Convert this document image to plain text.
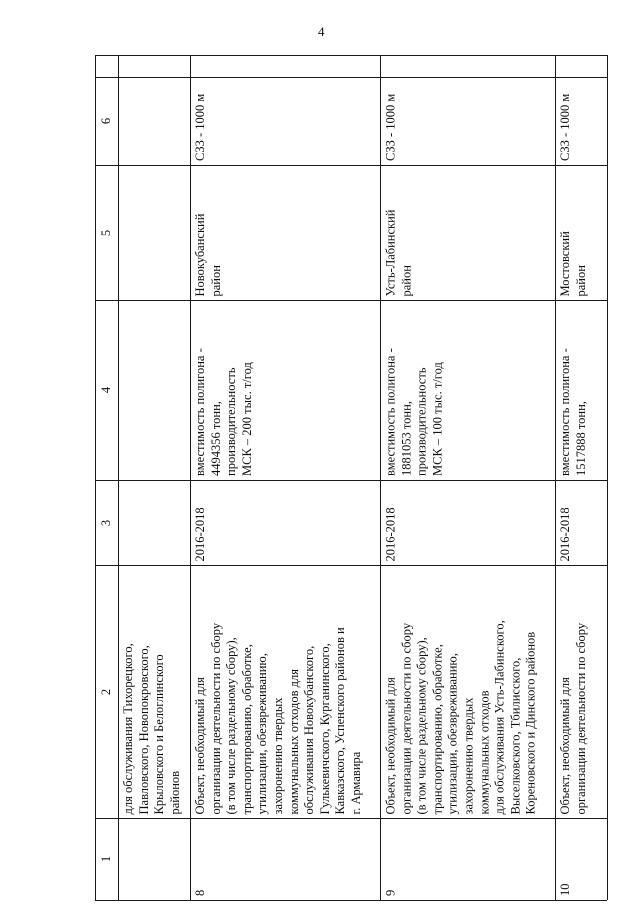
4
1
2
3
4
5
6
для обслуживания Тихорецкого, Павловского, Новопокровского, Крыловского и Белоглинского районов
8
Объект, необходимый для организации деятельности по сбору (в том числе раздельному сбору), транспортированию, обработке, утилизации, обезвреживанию, захоронению твердых коммунальных отходов для обслуживания Новокубанского, Гулькевичского, Курганинского, Кавказского, Успенского районов и г. Армавира
2016-2018
вместимость полигона - 4494356 тонн, производительность МСК – 200 тыс. т/год
Новокубанский район
СЗЗ - 1000 м
9
Объект, необходимый для организации деятельности по сбору (в том числе раздельному сбору), транспортированию, обработке, утилизации, обезвреживанию, захоронению твердых коммунальных отходов для обслуживания Усть-Лабинского, Выселковского, Тбилисского, Кореновского и Динского районов
2016-2018
вместимость полигона - 1881053 тонн, производительность МСК – 100 тыс. т/год
Усть-Лабинский район
СЗЗ - 1000 м
10
Объект, необходимый для организации деятельности по сбору
2016-2018
вместимость полигона - 1517888 тонн,
Мостовский район
СЗЗ - 1000 м
